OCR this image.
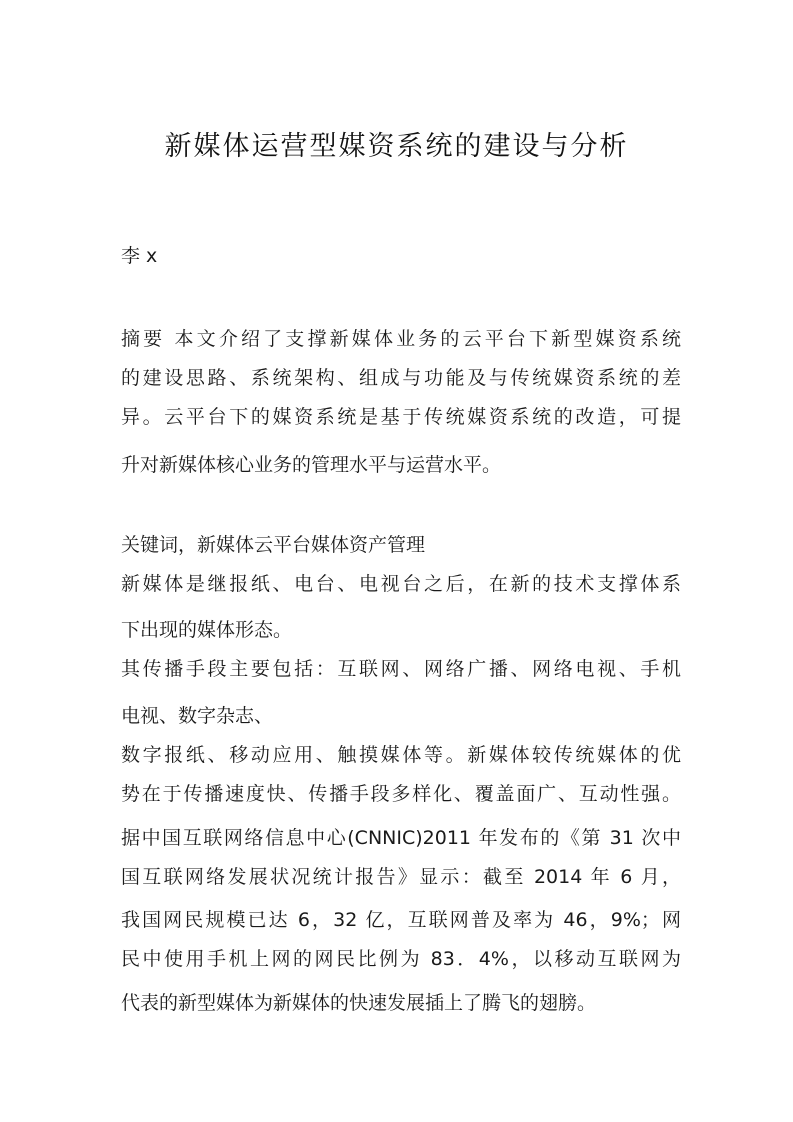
新媒体运营型媒资系统的建设与分析
李 x
摘要 本文介绍了支撑新媒体业务的云平台下新型媒资系统
的建设思路、系统架构、组成与功能及与传统媒资系统的差
异。云平台下的媒资系统是基于传统媒资系统的改造，可提
升对新媒体核心业务的管理水平与运营水平。
关键词，新媒体云平台媒体资产管理
新媒体是继报纸、电台、电视台之后，在新的技术支撑体系
下出现的媒体形态。
其传播手段主要包括：互联网、网络广播、网络电视、手机
电视、数字杂志、
数字报纸、移动应用、触摸媒体等。新媒体较传统媒体的优
势在于传播速度快、传播手段多样化、覆盖面广、互动性强。
据中国互联网络信息中心(CNNIC)2011 年发布的《第 31 次中
国互联网络发展状况统计报告》显示：截至 2014 年 6 月，
我国网民规模已达 6，32 亿，互联网普及率为 46，9%；网
民中使用手机上网的网民比例为 83．4%，以移动互联网为
代表的新型媒体为新媒体的快速发展插上了腾飞的翅膀。
